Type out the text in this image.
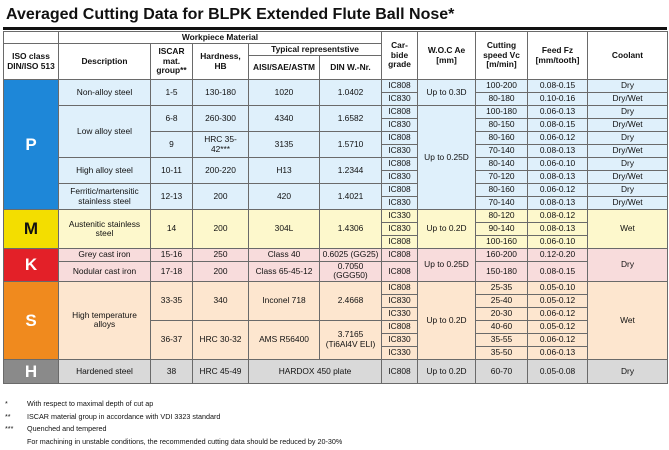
Averaged Cutting Data for BLPK Extended Flute Ball Nose*
	Workpiece Material					Car-bide grade	W.O.C Ae [mm]	Cutting speed Vc [m/min]	Feed Fz [mm/tooth]	Coolant
ISO class DIN/ISO 513	Description	ISCAR mat. group**	Hardness, HB	Typical representstive						
				AISI/SAE/ASTM	DIN W.-Nr.					
P	Non-alloy steel	1-5	130-180	1020	1.0402	IC808	Up to 0.3D	100-200	0.08-0.15	Dry
						IC830		80-180	0.10-0.16	Dry/Wet
	Low alloy steel	6-8	260-300	4340	1.6582	IC808	Up to 0.25D	100-180	0.06-0.13	Dry
						IC830		80-150	0.08-0.15	Dry/Wet
		9	HRC 35-42***	3135	1.5710	IC808		80-160	0.06-0.12	Dry
						IC830		70-140	0.08-0.13	Dry/Wet
	High alloy steel	10-11	200-220	H13	1.2344	IC808		80-140	0.06-0.10	Dry
						IC830		70-120	0.08-0.13	Dry/Wet
	Ferritic/martensitic stainless steel	12-13	200	420	1.4021	IC808		80-160	0.06-0.12	Dry
						IC830		70-140	0.08-0.13	Dry/Wet
M	Austenitic stainless steel	14	200	304L	1.4306	IC330	Up to 0.2D	80-120	0.08-0.12	Wet
						IC830		90-140	0.08-0.13	
						IC808		100-160	0.06-0.10	
K	Grey cast iron	15-16	250	Class 40	0.6025 (GG25)	IC808	Up to 0.25D	160-200	0.12-0.20	Dry
	Nodular cast iron	17-18	200	Class 65-45-12	0.7050 (GGG50)	IC808		150-180	0.08-0.15	
S	High temperature alloys	33-35	340	Inconel 718	2.4668	IC808	Up to 0.2D	25-35	0.05-0.10	Wet
						IC830		25-40	0.05-0.12	
						IC330		20-30	0.06-0.12	
		36-37	HRC 30-32	AMS R56400	3.7165 (Ti6Al4V ELI)	IC808		40-60	0.05-0.12	
						IC830		35-55	0.06-0.12	
						IC330		35-50	0.06-0.13	
H	Hardened steel	38	HRC 45-49	HARDOX 450 plate		IC808	Up to 0.2D	60-70	0.05-0.08	Dry
*	With respect to maximal depth of cut ap
** ISCAR material group in accordance with VDI 3323 standard
*** Quenched and tempered
For machining in unstable conditions, the recommended cutting data should be reduced by 20-30%
